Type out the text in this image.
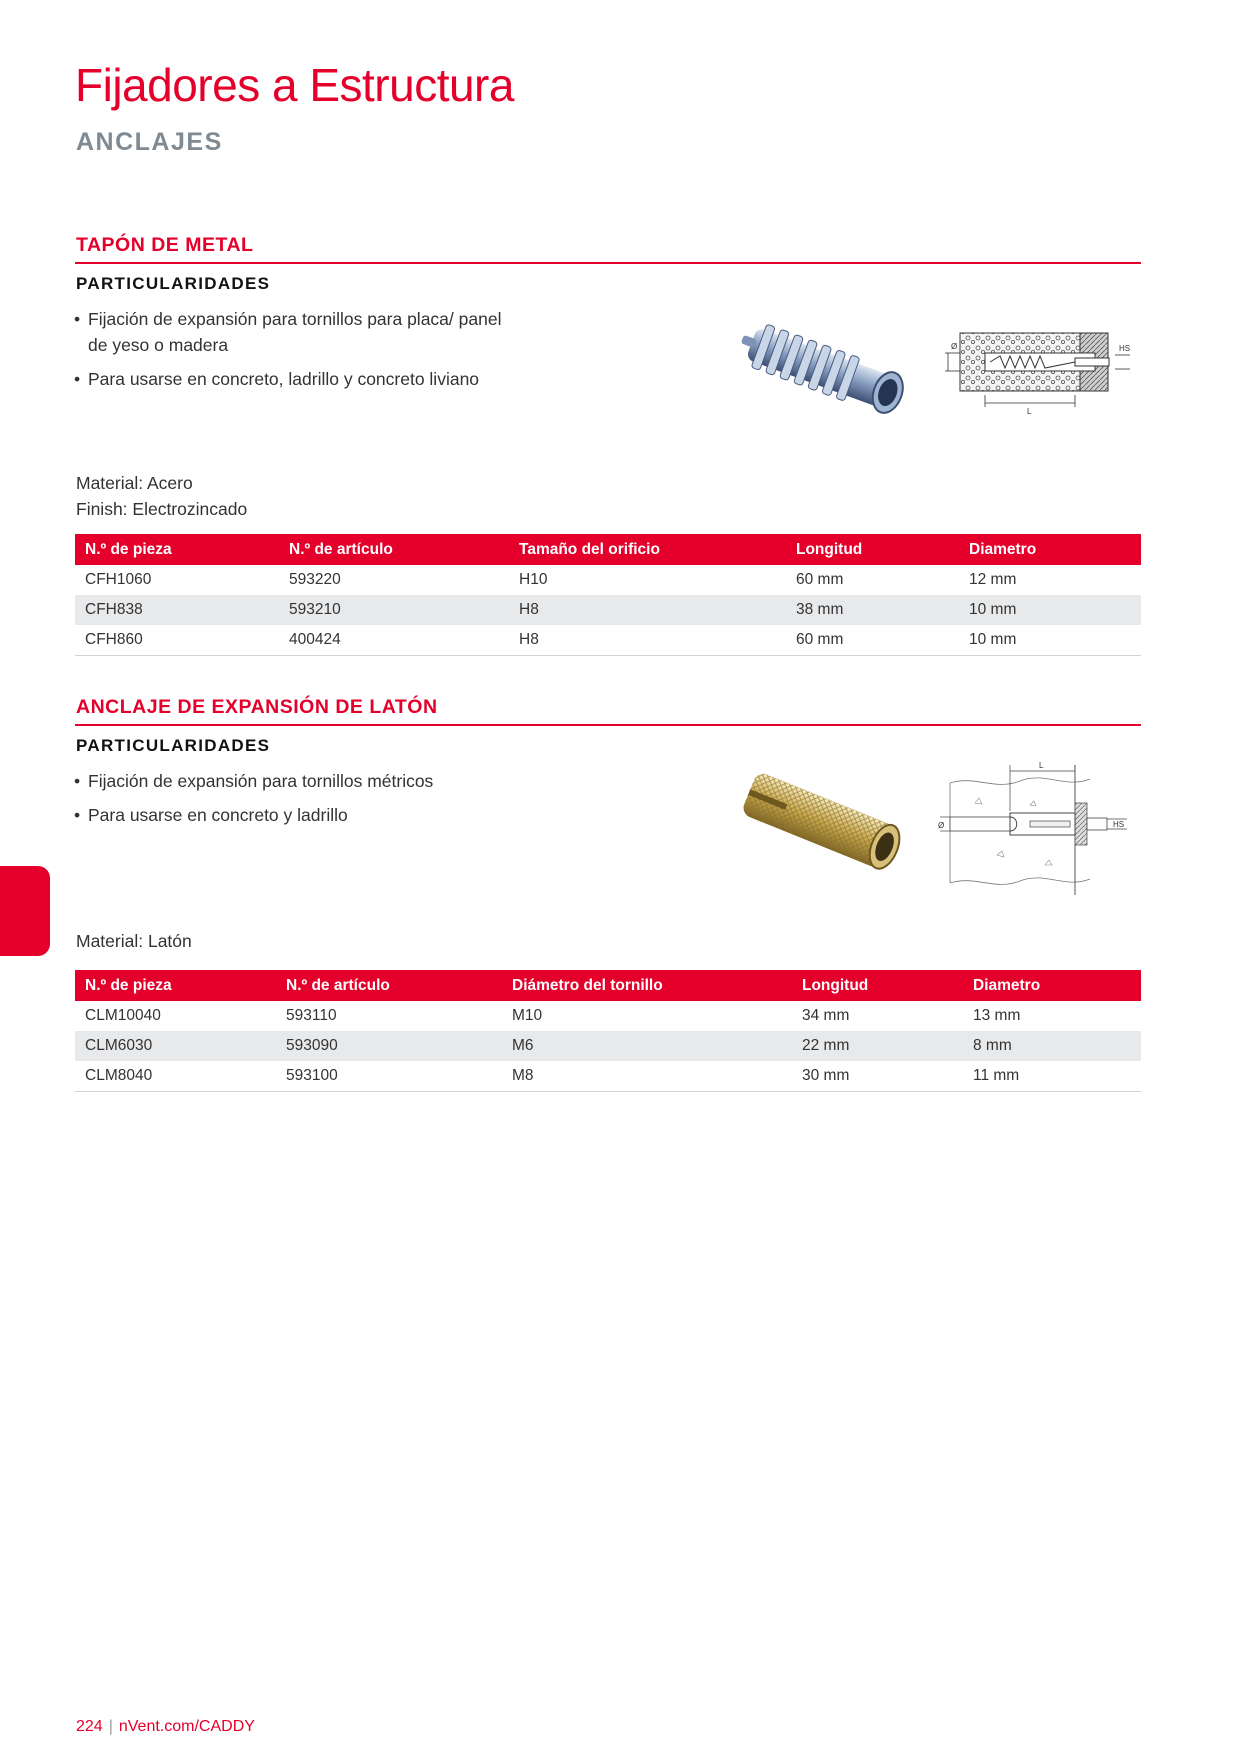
Fijadores a Estructura
ANCLAJES
TAPÓN DE METAL
PARTICULARIDADES
• Fijación de expansión para tornillos para placa/ panel de yeso o madera
• Para usarse en concreto, ladrillo y concreto liviano
Ø	HS
L
Material: Acero
Finish: Electrozincado
N.º de pieza	N.º de artículo	Tamaño del orificio	Longitud	Diametro
CFH1060	593220	H10	60 mm	12 mm
CFH838	593210	H8	38 mm	10 mm
CFH860	400424	H8	60 mm	10 mm
ANCLAJE DE EXPANSIÓN DE LATÓN
PARTICULARIDADES
• Fijación de expansión para tornillos métricos
• Para usarse en concreto y ladrillo
L
Ø	HS
Material: Latón
N.º de pieza	N.º de artículo	Diámetro del tornillo	Longitud	Diametro
CLM10040	593110	M10	34 mm	13 mm
CLM6030	593090	M6	22 mm	8 mm
CLM8040	593100	M8	30 mm	11 mm
224 | nVent.com/CADDY
